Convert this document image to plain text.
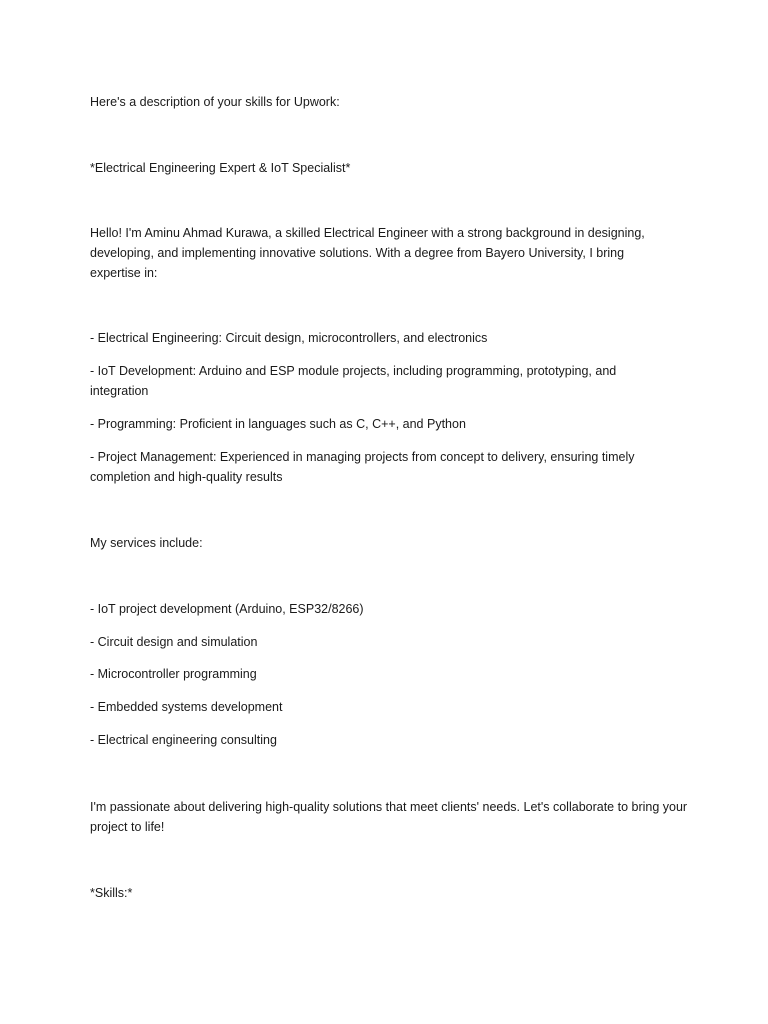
Here's a description of your skills for Upwork:

*Electrical Engineering Expert & IoT Specialist*

Hello! I'm Aminu Ahmad Kurawa, a skilled Electrical Engineer with a strong background in designing, developing, and implementing innovative solutions. With a degree from Bayero University, I bring expertise in:

- Electrical Engineering: Circuit design, microcontrollers, and electronics

- IoT Development: Arduino and ESP module projects, including programming, prototyping, and integration

- Programming: Proficient in languages such as C, C++, and Python

- Project Management: Experienced in managing projects from concept to delivery, ensuring timely completion and high-quality results

My services include:

- IoT project development (Arduino, ESP32/8266)

- Circuit design and simulation

- Microcontroller programming

- Embedded systems development

- Electrical engineering consulting

I'm passionate about delivering high-quality solutions that meet clients' needs. Let's collaborate to bring your project to life!

*Skills:*
